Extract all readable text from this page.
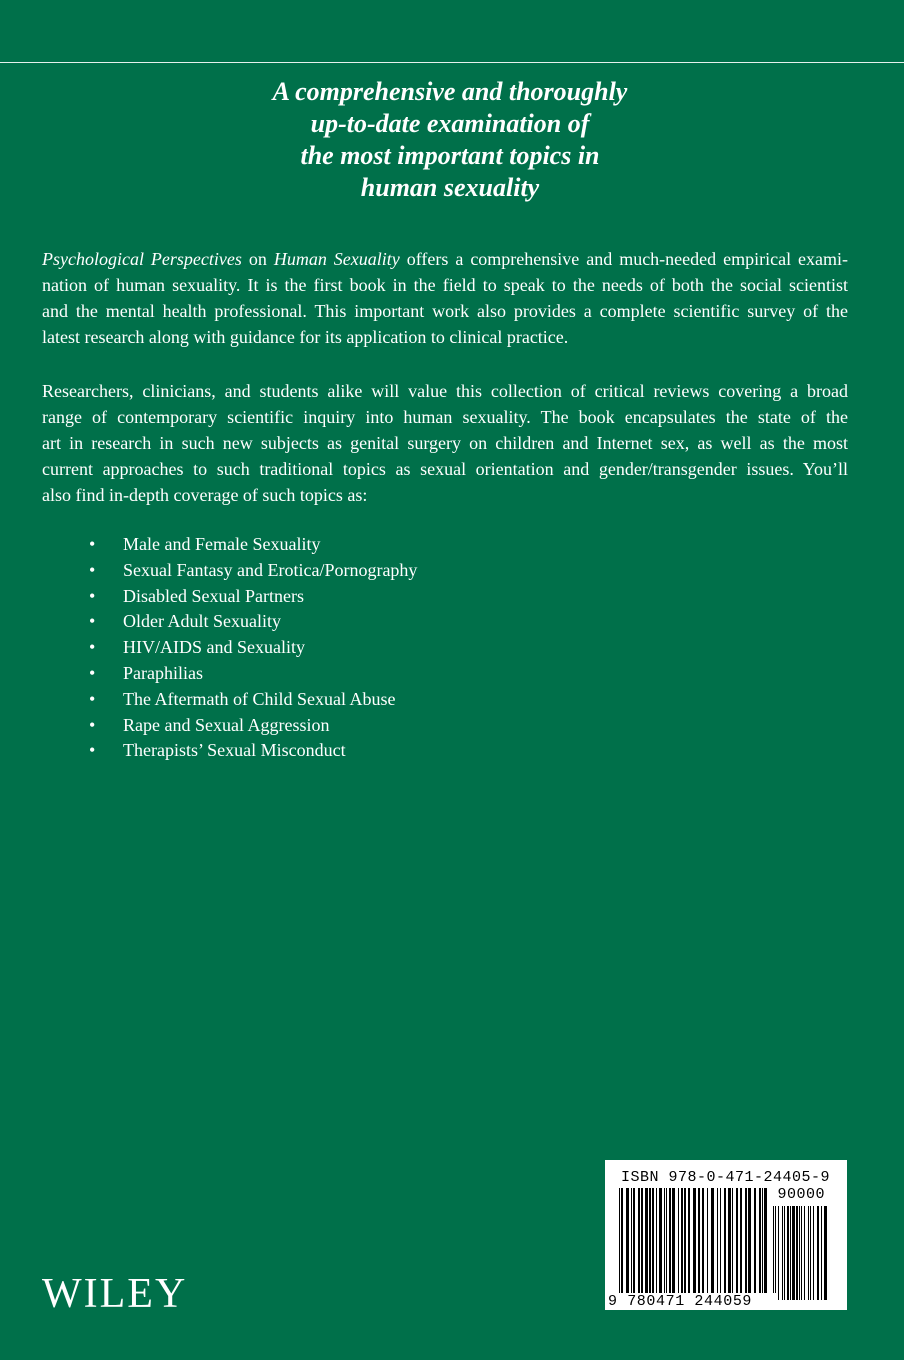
A comprehensive and thoroughly
up-to-date examination of
the most important topics in
human sexuality
Psychological Perspectives on Human Sexuality offers a comprehensive and much-needed empirical exami-
nation of human sexuality. It is the first book in the field to speak to the needs of both the social scientist
and the mental health professional. This important work also provides a complete scientific survey of the
latest research along with guidance for its application to clinical practice.
Researchers, clinicians, and students alike will value this collection of critical reviews covering a broad
range of contemporary scientific inquiry into human sexuality. The book encapsulates the state of the
art in research in such new subjects as genital surgery on children and Internet sex, as well as the most
current approaches to such traditional topics as sexual orientation and gender/transgender issues. You’ll
also find in-depth coverage of such topics as:
• Male and Female Sexuality
• Sexual Fantasy and Erotica/Pornography
• Disabled Sexual Partners
• Older Adult Sexuality
• HIV/AIDS and Sexuality
• Paraphilias
• The Aftermath of Child Sexual Abuse
• Rape and Sexual Aggression
• Therapists’ Sexual Misconduct
WILEY
ISBN 978-0-471-24405-9
90000
9 780471 244059
